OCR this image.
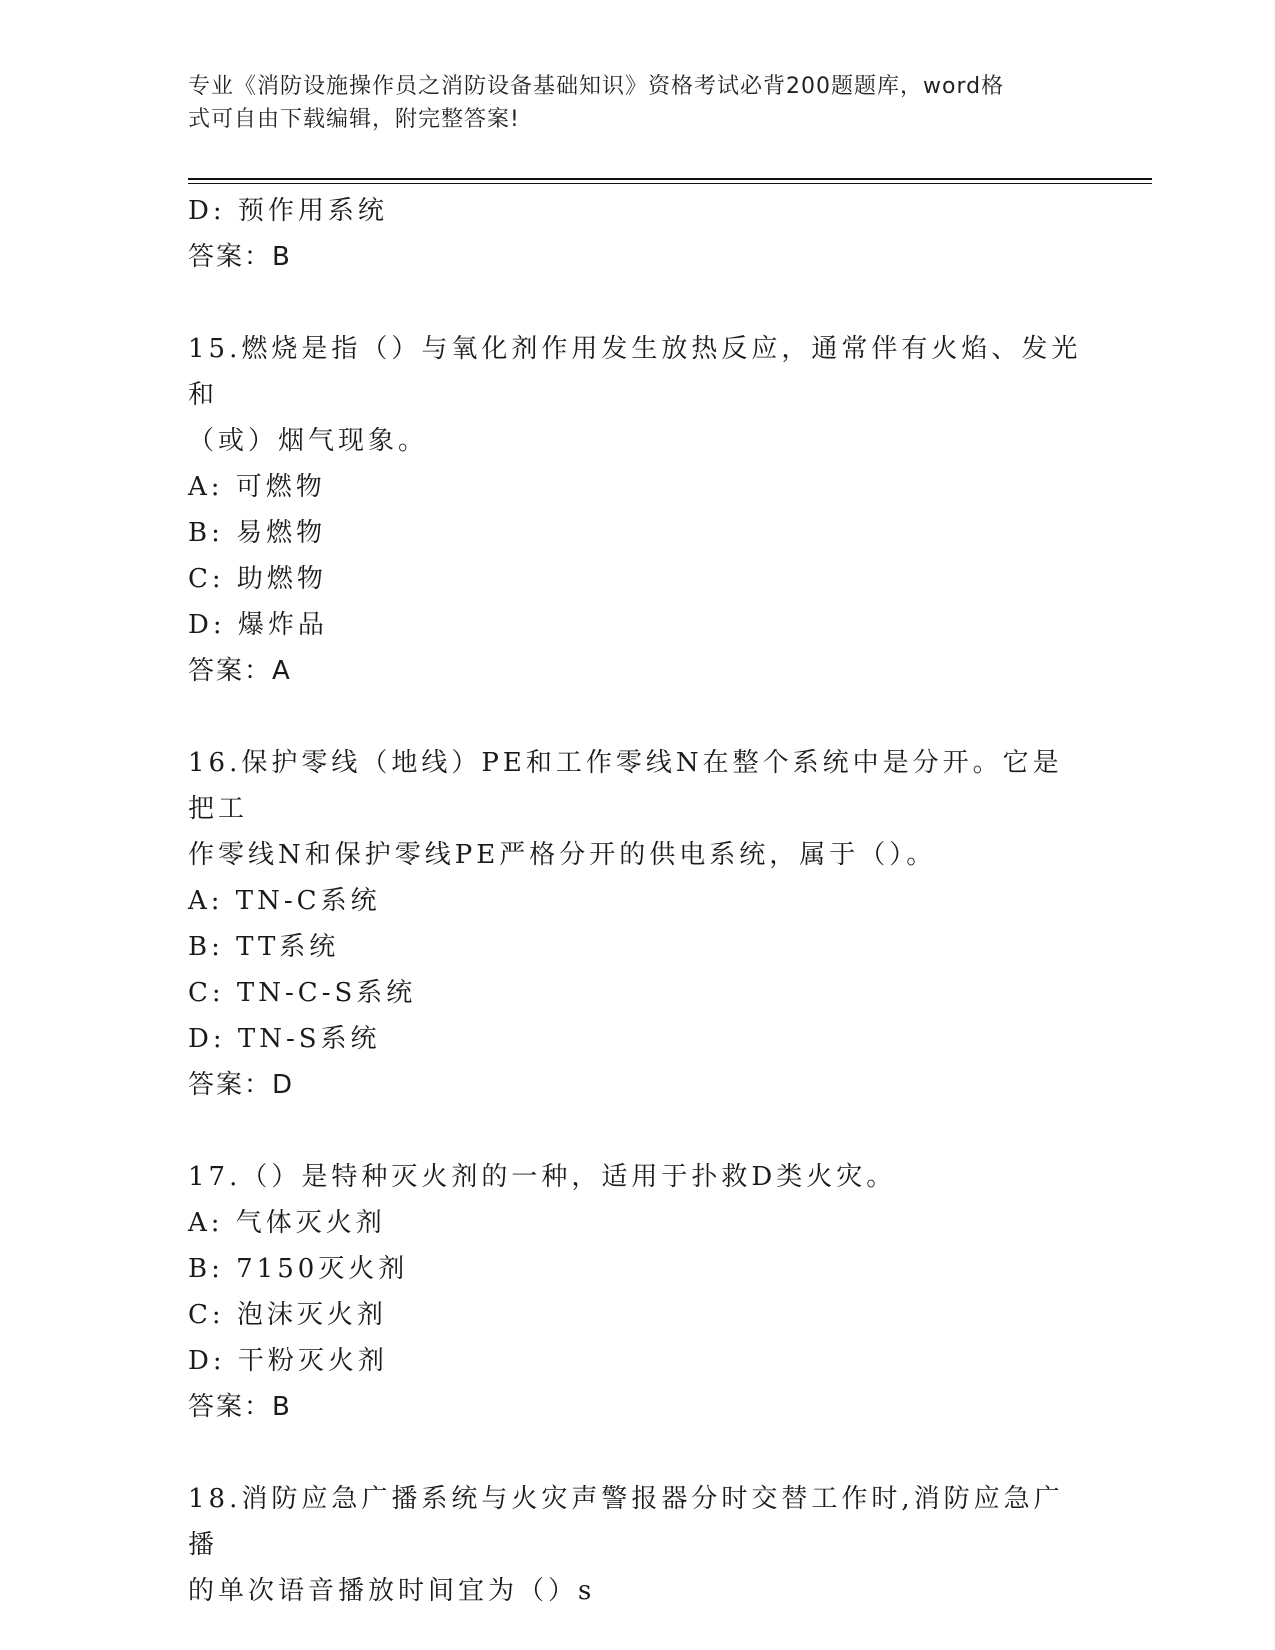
专业《消防设施操作员之消防设备基础知识》资格考试必背200题题库，word格
式可自由下载编辑，附完整答案!
D: 预作用系统
答案：B
15.燃烧是指（）与氧化剂作用发生放热反应，通常伴有火焰、发光和
（或）烟气现象。
A: 可燃物
B: 易燃物
C: 助燃物
D: 爆炸品
答案：A
16.保护零线（地线）PE和工作零线N在整个系统中是分开。它是把工
作零线N和保护零线PE严格分开的供电系统，属于（）。
A: TN-C系统
B: TT系统
C: TN-C-S系统
D: TN-S系统
答案：D
17.（）是特种灭火剂的一种，适用于扑救D类火灾。
A: 气体灭火剂
B: 7150灭火剂
C: 泡沫灭火剂
D: 干粉灭火剂
答案：B
18.消防应急广播系统与火灾声警报器分时交替工作时,消防应急广播
的单次语音播放时间宜为（）s
